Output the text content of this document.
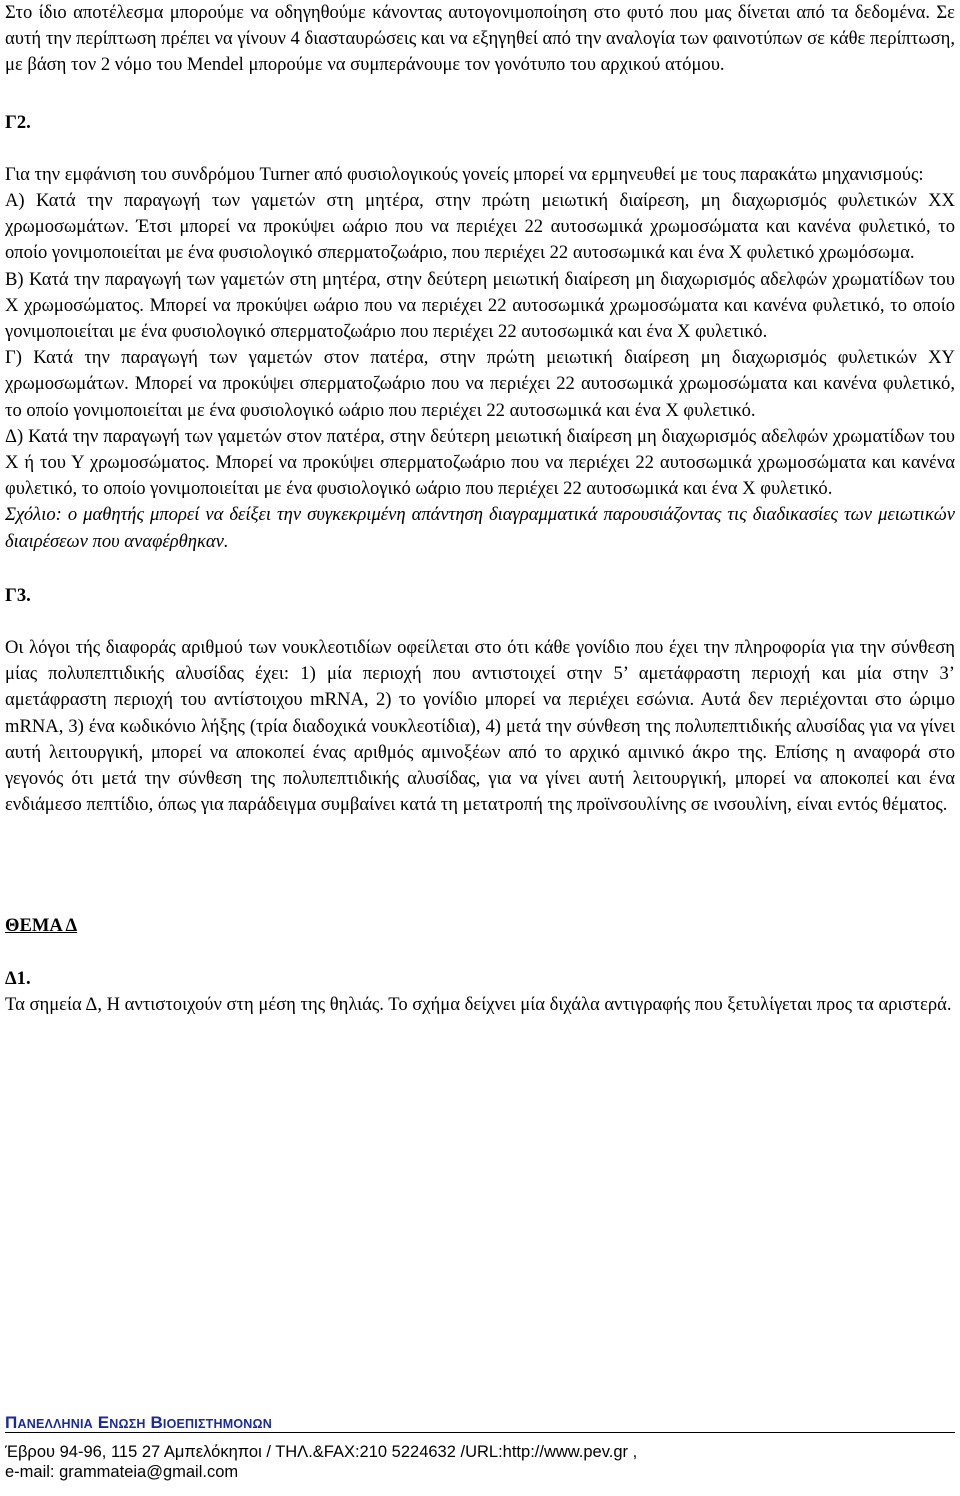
Στο ίδιο αποτέλεσμα μπορούμε να οδηγηθούμε κάνοντας αυτογονιμοποίηση στο φυτό που μας δίνεται από τα δεδομένα. Σε αυτή την περίπτωση πρέπει να γίνουν 4 διασταυρώσεις και να εξηγηθεί από την αναλογία των φαινοτύπων σε κάθε περίπτωση, με βάση τον 2 νόμο του Mendel μπορούμε να συμπεράνουμε τον γονότυπο του αρχικού ατόμου.

Γ2.

Για την εμφάνιση του συνδρόμου Turner από φυσιολογικούς γονείς μπορεί να ερμηνευθεί με τους παρακάτω μηχανισμούς:

Α) Κατά την παραγωγή των γαμετών στη μητέρα, στην πρώτη μειωτική διαίρεση, μη διαχωρισμός φυλετικών ΧΧ χρωμοσωμάτων. Έτσι μπορεί να προκύψει ωάριο που να περιέχει 22 αυτοσωμικά χρωμοσώματα και κανένα φυλετικό, το οποίο γονιμοποιείται με ένα φυσιολογικό σπερματοζωάριο, που περιέχει 22 αυτοσωμικά και ένα Χ φυλετικό χρωμόσωμα.

Β) Κατά την παραγωγή των γαμετών στη μητέρα, στην δεύτερη μειωτική διαίρεση μη διαχωρισμός αδελφών χρωματίδων του Χ χρωμοσώματος. Μπορεί να προκύψει ωάριο που να περιέχει 22 αυτοσωμικά χρωμοσώματα και κανένα φυλετικό, το οποίο γονιμοποιείται με ένα φυσιολογικό σπερματοζωάριο που περιέχει 22 αυτοσωμικά και ένα Χ φυλετικό.

Γ) Κατά την παραγωγή των γαμετών στον πατέρα, στην πρώτη μειωτική διαίρεση μη διαχωρισμός φυλετικών ΧΥ χρωμοσωμάτων. Μπορεί να προκύψει σπερματοζωάριο που να περιέχει 22 αυτοσωμικά χρωμοσώματα και κανένα φυλετικό, το οποίο γονιμοποιείται με ένα φυσιολογικό ωάριο που περιέχει 22 αυτοσωμικά και ένα Χ φυλετικό.

Δ) Κατά την παραγωγή των γαμετών στον πατέρα, στην δεύτερη μειωτική διαίρεση μη διαχωρισμός αδελφών χρωματίδων του Χ ή του Υ χρωμοσώματος. Μπορεί να προκύψει σπερματοζωάριο που να περιέχει 22 αυτοσωμικά χρωμοσώματα και κανένα φυλετικό, το οποίο γονιμοποιείται με ένα φυσιολογικό ωάριο που περιέχει 22 αυτοσωμικά και ένα Χ φυλετικό.

Σχόλιο: ο μαθητής μπορεί να δείξει την συγκεκριμένη απάντηση διαγραμματικά παρουσιάζοντας τις διαδικασίες των μειωτικών διαιρέσεων που αναφέρθηκαν.

Γ3.

Οι λόγοι τής διαφοράς αριθμού των νουκλεοτιδίων οφείλεται στο ότι κάθε γονίδιο που έχει την πληροφορία για την σύνθεση μίας πολυπεπτιδικής αλυσίδας έχει: 1) μία περιοχή που αντιστοιχεί στην 5’ αμετάφραστη περιοχή και μία στην 3’ αμετάφραστη περιοχή του αντίστοιχου mRNA, 2) το γονίδιο μπορεί να περιέχει εσώνια. Αυτά δεν περιέχονται στο ώριμο mRNA, 3) ένα κωδικόνιο λήξης (τρία διαδοχικά νουκλεοτίδια), 4) μετά την σύνθεση της πολυπεπτιδικής αλυσίδας για να γίνει αυτή λειτουργική, μπορεί να αποκοπεί ένας αριθμός αμινοξέων από το αρχικό αμινικό άκρο της. Επίσης η αναφορά στο γεγονός ότι μετά την σύνθεση της πολυπεπτιδικής αλυσίδας, για να γίνει αυτή λειτουργική, μπορεί να αποκοπεί και ένα ενδιάμεσο πεπτίδιο, όπως για παράδειγμα συμβαίνει κατά τη μετατροπή της προϊνσουλίνης σε ινσουλίνη, είναι εντός θέματος.

ΘΕΜΑ Δ

Δ1.

Τα σημεία Δ, Η αντιστοιχούν στη μέση της θηλιάς. Το σχήμα δείχνει μία διχάλα αντιγραφής που ξετυλίγεται προς τα αριστερά.

ΠΑΝΕΛΛΗΝΙΑ ΕΝΩΣΗ ΒΙΟΕΠΙΣΤΗΜΟΝΩΝ
Έβρου 94-96, 115 27 Αμπελόκηποι / ΤΗΛ.&FAX:210 5224632 /URL:http://www.pev.gr ,
e-mail: grammateia@gmail.com
